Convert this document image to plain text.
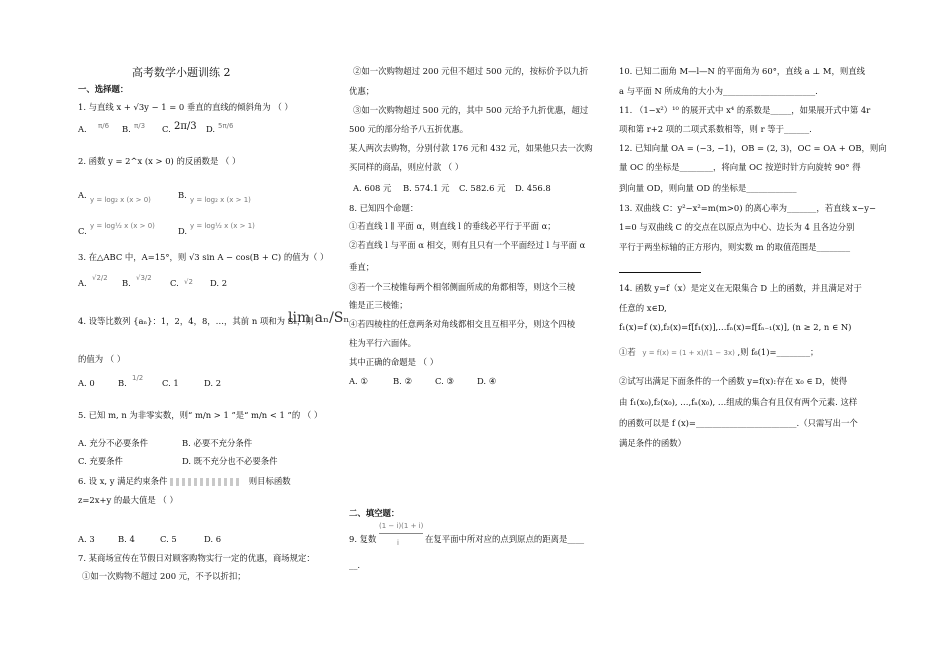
高考数学小题训练 2
一、选择题：
1. 与直线 x + √3y − 1 = 0 垂直的直线的倾斜角为 （ ）
A. π/6 B. π/3 C. 2π/3 D. 5π/6
2. 函数 y = 2^x (x > 0) 的反函数是 （ ）
A. y = log₂ x (x > 0)	B. y = log₂ x (x > 1)
C. y = log½ x (x > 0)	D. y = log½ x (x > 1)
3. 在△ABC 中，A=15°，则 √3 sin A − cos(B + C) 的值为（ ）
A. √2/2 B. √3/2 C. √2 D. 2
4. 设等比数列 {aₙ}：1，2，4，8，…，其前 n 项和为 Sₙ，则
lim aₙ/Sₙ
的值为 （ ）
A. 0	B. 1/2 C. 1	D. 2
5. 已知 m, n 为非零实数，则“ m/n > 1 ”是“ m/n < 1 ”的 （ ）
A. 充分不必要条件	B. 必要不充分条件
C. 充要条件	D. 既不充分也不必要条件
6. 设 x, y 满足约束条件	则目标函数
z=2x+y 的最大值是 （ ）
A. 3	B. 4	C. 5	D. 6
7. 某商场宣传在节假日对顾客购物实行一定的优惠，商场规定：
①如一次购物不超过 200 元，不予以折扣；
②如一次购物超过 200 元但不超过 500 元的，按标价予以九折
优惠；
③如一次购物超过 500 元的，其中 500 元给予九折优惠，超过
500 元的部分给予八五折优惠。
某人两次去购物，分别付款 176 元和 432 元，如果他只去一次购
买同样的商品，则应付款 （ ）
A. 608 元 B. 574.1 元 C. 582.6 元 D. 456.8
8. 已知四个命题：
①若直线 l ∥ 平面 α，则直线 l 的垂线必平行于平面 α；
②若直线 l 与平面 α 相交，则有且只有一个平面经过 l 与平面 α
垂直；
③若一个三棱锥每两个相邻侧面所成的角都相等，则这个三棱
锥是正三棱锥；
④若四棱柱的任意两条对角线都相交且互相平分，则这个四棱
柱为平行六面体。
其中正确的命题是 （ ）
A. ①	B. ②	C. ③	D. ④
二、填空题：
9. 复数
(1 − i)(1 + i)
i	在复平面中所对应的点到原点的距离是____
__.
10. 已知二面角 M—l—N 的平面角为 60°，直线 a ⊥ M，则直线
a 与平面 N 所成角的大小为______________________.
11. （1−x²）¹⁰ 的展开式中 x⁴ 的系数是_____，如果展开式中第 4r
项和第 r+2 项的二项式系数相等，则 r 等于______.
12. 已知向量 OA = (−3, −1)，OB = (2, 3)，OC = OA + OB，则向
量 OC 的坐标是________，将向量 OC 按逆时针方向旋转 90° 得
到向量 OD，则向量 OD 的坐标是____________
13. 双曲线 C：y²−x²=m(m>0) 的离心率为_______，若直线 x−y−
1=0 与双曲线 C 的交点在以原点为中心、边长为 4 且各边分别
平行于两坐标轴的正方形内，则实数 m 的取值范围是________
14. 函数 y=f（x）是定义在无限集合 D 上的函数，并且满足对于
任意的 x∈D,
f₁(x)=f (x),f₂(x)=f[f₁(x)],…fₙ(x)=f[fₙ₋₁(x)], (n ≥ 2, n ∈ N)
①若 y = f(x) = (1 + x)/(1 − 3x) ,则 f₆(1)=________；
②试写出满足下面条件的一个函数 y=f(x):存在 x₀ ∈ D，使得
由 f₁(x₀),f₂(x₀), …,fₙ(x₀), …组成的集合有且仅有两个元素. 这样
的函数可以是 f (x)=________________________.（只需写出一个
满足条件的函数）
